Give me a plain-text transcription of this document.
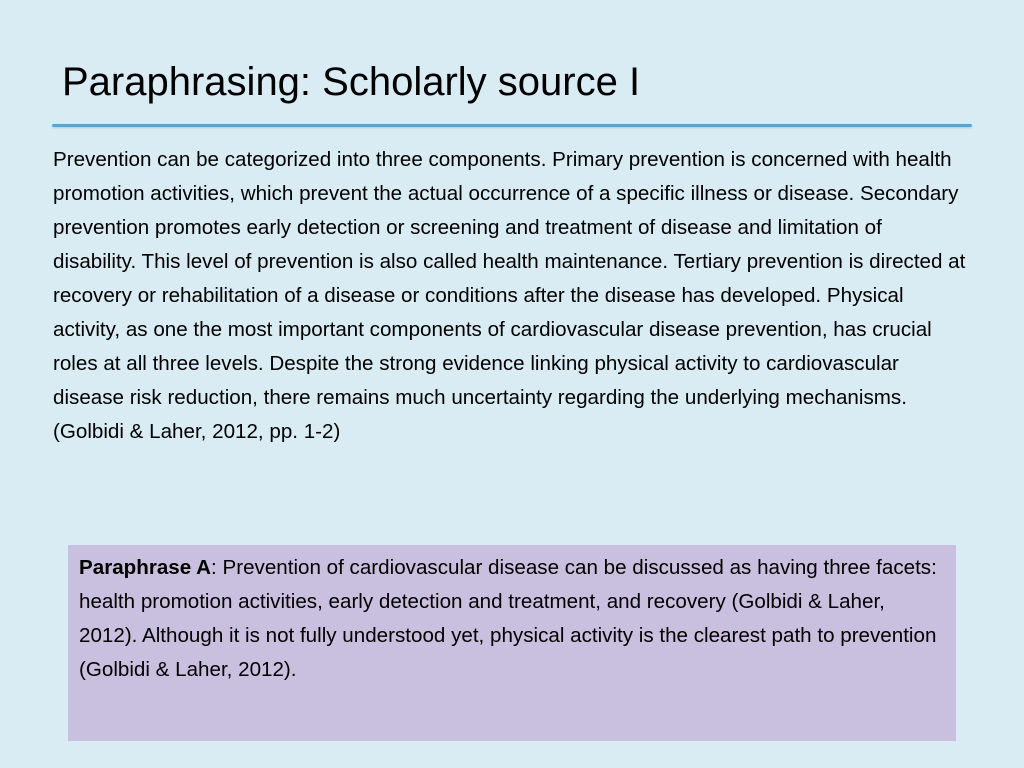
Paraphrasing: Scholarly source I

Prevention can be categorized into three components. Primary prevention is concerned with health promotion activities, which prevent the actual occurrence of a specific illness or disease. Secondary prevention promotes early detection or screening and treatment of disease and limitation of disability. This level of prevention is also called health maintenance. Tertiary prevention is directed at recovery or rehabilitation of a disease or conditions after the disease has developed. Physical activity, as one the most important components of cardiovascular disease prevention, has crucial roles at all three levels. Despite the strong evidence linking physical activity to cardiovascular disease risk reduction, there remains much uncertainty regarding the underlying mechanisms. (Golbidi & Laher, 2012, pp. 1-2)

Paraphrase A: Prevention of cardiovascular disease can be discussed as having three facets: health promotion activities, early detection and treatment, and recovery (Golbidi & Laher, 2012). Although it is not fully understood yet, physical activity is the clearest path to prevention (Golbidi & Laher, 2012).
